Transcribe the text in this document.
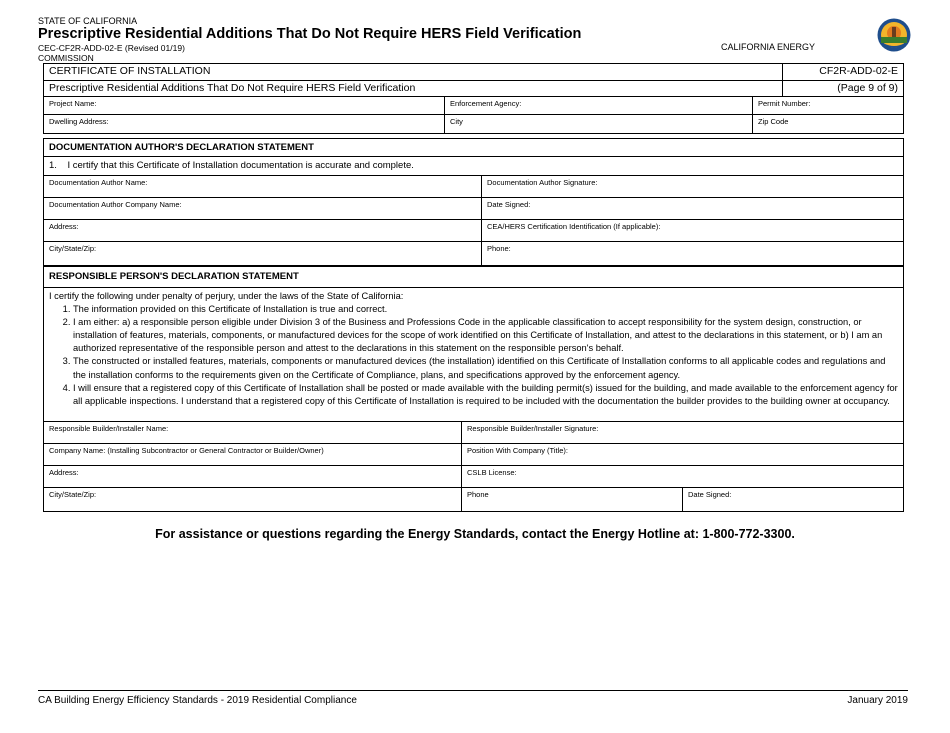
STATE OF CALIFORNIA
Prescriptive Residential Additions That Do Not Require HERS Field Verification
CEC-CF2R-ADD-02-E (Revised 01/19)
COMMISSION
CALIFORNIA ENERGY
CERTIFICATE OF INSTALLATION	CF2R-ADD-02-E
Prescriptive Residential Additions That Do Not Require HERS Field Verification	(Page 9 of 9)
Project Name:	Enforcement Agency:	Permit Number:
Dwelling Address:	City	Zip Code
DOCUMENTATION AUTHOR'S DECLARATION STATEMENT
1.    I certify that this Certificate of Installation documentation is accurate and complete.
Documentation Author Name:	Documentation Author Signature:
Documentation Author Company Name:	Date Signed:
Address:	CEA/HERS Certification Identification (If applicable):
City/State/Zip:	Phone:
RESPONSIBLE PERSON'S DECLARATION STATEMENT
I certify the following under penalty of perjury, under the laws of the State of California:
1. The information provided on this Certificate of Installation is true and correct.
2. I am either: a) a responsible person eligible under Division 3 of the Business and Professions Code in the applicable classification to accept responsibility for the system design, construction, or installation of features, materials, components, or manufactured devices for the scope of work identified on this Certificate of Installation, and attest to the declarations in this statement, or b) I am an authorized representative of the responsible person and attest to the declarations in this statement on the responsible person's behalf.
3. The constructed or installed features, materials, components or manufactured devices (the installation) identified on this Certificate of Installation conforms to all applicable codes and regulations and the installation conforms to the requirements given on the Certificate of Compliance, plans, and specifications approved by the enforcement agency.
4. I will ensure that a registered copy of this Certificate of Installation shall be posted or made available with the building permit(s) issued for the building, and made available to the enforcement agency for all applicable inspections. I understand that a registered copy of this Certificate of Installation is required to be included with the documentation the builder provides to the building owner at occupancy.
Responsible Builder/Installer Name:	Responsible Builder/Installer Signature:
Company Name: (Installing Subcontractor or General Contractor or Builder/Owner)	Position With Company (Title):
Address:	CSLB License:
City/State/Zip:	Phone	Date Signed:
For assistance or questions regarding the Energy Standards, contact the Energy Hotline at: 1-800-772-3300.
CA Building Energy Efficiency Standards - 2019 Residential Compliance	January 2019
